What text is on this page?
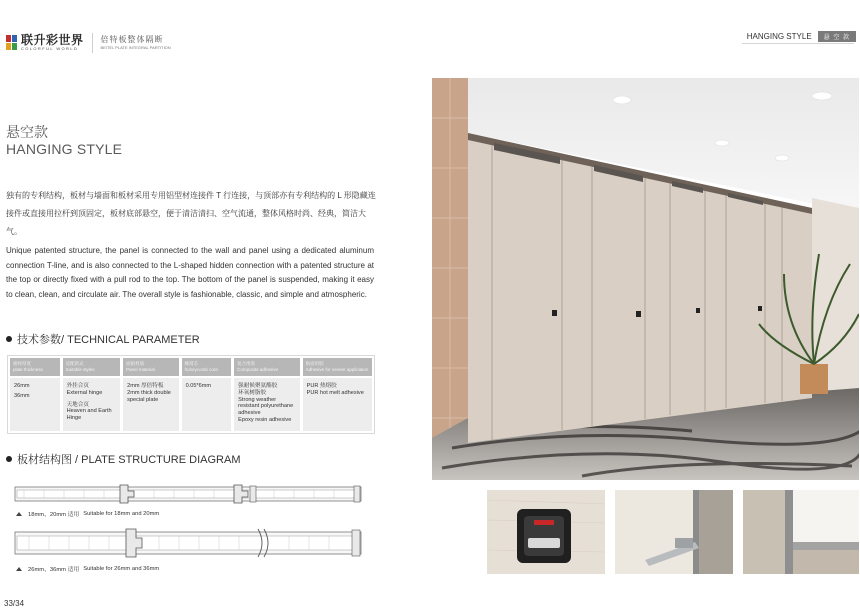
联升彩世界
COLORFUL WORLD
倍特板整体隔断
BEITEL PLATE INTEGRAL PARTITION
HANGING STYLE	悬 空 款
悬空款
HANGING STYLE
独有的专利结构，板材与墙面和板材采用专用铝型材连接件 T 行连接，与顶部亦有专利结构的 L 形隐藏连接件或直接用拉杆到顶固定，板材底部悬空，便于清洁清扫、空气流通，整体风格时尚、经典，简洁大气。
Unique patented structure, the panel is connected to the wall and panel using a dedicated aluminum connection T-line, and is also connected to the L-shaped hidden connection with a patented structure at the top or directly fixed with a pull rod to the top. The bottom of the panel is suspended, making it easy to clean, clean, and circulate air. The overall style is fashionable, classic, and simple and atmospheric.
技术参数/ TECHNICAL PARAMETER
板材厚度
plate thickness
26mm
36mm
适配款式
Suitable styles
外挂合页
External hinge
天地合页
Heaven and Earth Hinge
面板材质
Panel material
2mm 厚倍特板
2mm thick double
special plate
蜂窝芯
honeycomb core
0.05*6mm
复合用胶
Composite adhesive
强耐候聚氨酯胶
环氧树脂胶
Strong weather
resistant polyurethane
adhesive
Epoxy resin adhesive
贴面用胶
Adhesive for veneer application
PUR 热熔胶
PUR hot melt adhesive
板材结构图 / PLATE STRUCTURE DIAGRAM
18mm、20mm 适用 Suitable for 18mm and 20mm
26mm、36mm 适用 Suitable for 26mm and 36mm
33/34
